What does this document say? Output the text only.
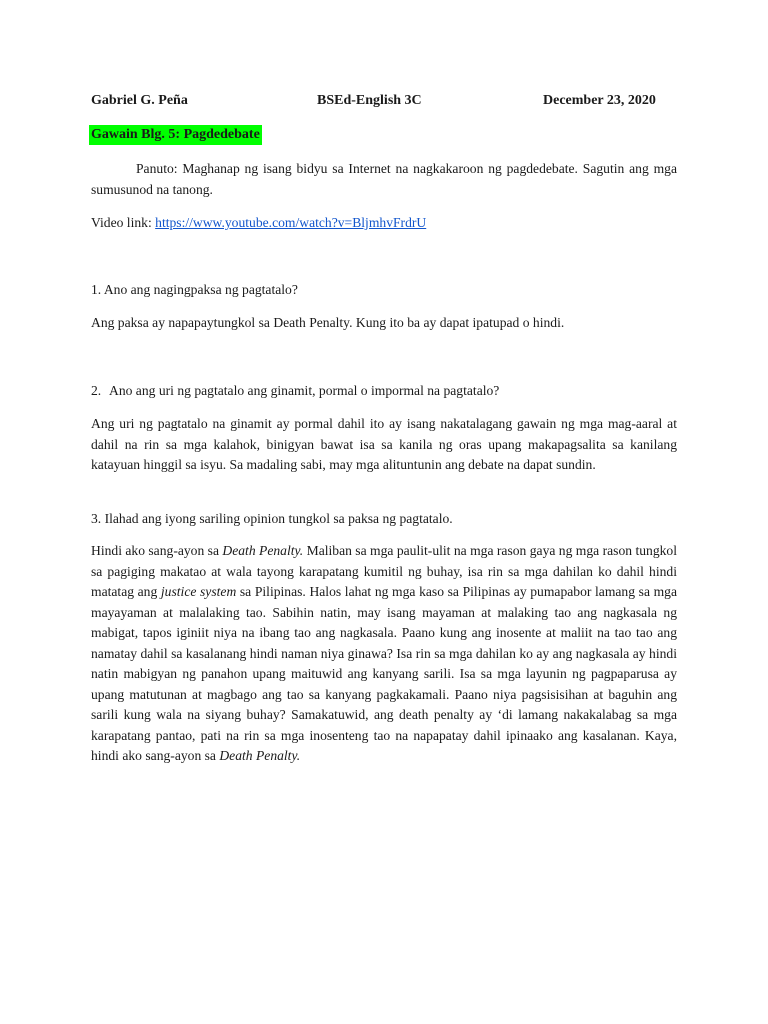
Gabriel G. Peña	BSEd-English 3C	December 23, 2020
Gawain Blg. 5: Pagdedebate
Panuto: Maghanap ng isang bidyu sa Internet na nagkakaroon ng pagdedebate. Sagutin ang mga sumusunod na tanong.
Video link: https://www.youtube.com/watch?v=BljmhvFrdrU
1. Ano ang nagingpaksa ng pagtatalo?
Ang paksa ay napapaytungkol sa Death Penalty. Kung ito ba ay dapat ipatupad o hindi.
2. Ano ang uri ng pagtatalo ang ginamit, pormal o impormal na pagtatalo?
Ang uri ng pagtatalo na ginamit ay pormal dahil ito ay isang nakatalagang gawain ng mga mag-aaral at dahil na rin sa mga kalahok, binigyan bawat isa sa kanila ng oras upang makapagsalita sa kanilang katayuan hinggil sa isyu. Sa madaling sabi, may mga alituntunin ang debate na dapat sundin.
3. Ilahad ang iyong sariling opinion tungkol sa paksa ng pagtatalo.
Hindi ako sang-ayon sa Death Penalty. Maliban sa mga paulit-ulit na mga rason gaya ng mga rason tungkol sa pagiging makatao at wala tayong karapatang kumitil ng buhay, isa rin sa mga dahilan ko dahil hindi matatag ang justice system sa Pilipinas. Halos lahat ng mga kaso sa Pilipinas ay pumapabor lamang sa mga mayayaman at malalaking tao. Sabihin natin, may isang mayaman at malaking tao ang nagkasala ng mabigat, tapos iginiit niya na ibang tao ang nagkasala. Paano kung ang inosente at maliit na tao tao ang namatay dahil sa kasalanang hindi naman niya ginawa? Isa rin sa mga dahilan ko ay ang nagkasala ay hindi natin mabigyan ng panahon upang maituwid ang kanyang sarili. Isa sa mga layunin ng pagpaparusa ay upang matutunan at magbago ang tao sa kanyang pagkakamali. Paano niya pagsisisihan at baguhin ang sarili kung wala na siyang buhay? Samakatuwid, ang death penalty ay ‘di lamang nakakalabag sa mga karapatang pantao, pati na rin sa mga inosenteng tao na napapatay dahil ipinaako ang kasalanan. Kaya, hindi ako sang-ayon sa Death Penalty.
